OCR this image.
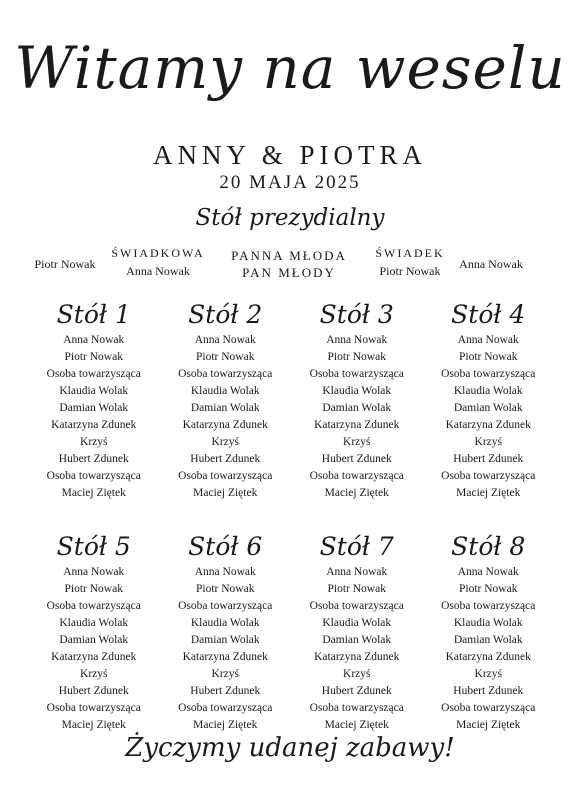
Witamy na weselu
ANNY & PIOTRA
20 MAJA 2025
Stół prezydialny
Piotr Nowak
ŚWIADKOWA
Anna Nowak
PANNA MŁODA
PAN MŁODY
ŚWIADEK
Piotr Nowak	Anna Nowak
Stół 1
Anna Nowak
Piotr Nowak
Osoba towarzysząca
Klaudia Wolak
Damian Wolak
Katarzyna Zdunek
Krzyś
Hubert Zdunek
Osoba towarzysząca
Maciej Ziętek
Stół 2
Anna Nowak
Piotr Nowak
Osoba towarzysząca
Klaudia Wolak
Damian Wolak
Katarzyna Zdunek
Krzyś
Hubert Zdunek
Osoba towarzysząca
Maciej Ziętek
Stół 3
Anna Nowak
Piotr Nowak
Osoba towarzysząca
Klaudia Wolak
Damian Wolak
Katarzyna Zdunek
Krzyś
Hubert Zdunek
Osoba towarzysząca
Maciej Ziętek
Stół 4
Anna Nowak
Piotr Nowak
Osoba towarzysząca
Klaudia Wolak
Damian Wolak
Katarzyna Zdunek
Krzyś
Hubert Zdunek
Osoba towarzysząca
Maciej Ziętek
Stół 5
Anna Nowak
Piotr Nowak
Osoba towarzysząca
Klaudia Wolak
Damian Wolak
Katarzyna Zdunek
Krzyś
Hubert Zdunek
Osoba towarzysząca
Maciej Ziętek
Stół 6
Anna Nowak
Piotr Nowak
Osoba towarzysząca
Klaudia Wolak
Damian Wolak
Katarzyna Zdunek
Krzyś
Hubert Zdunek
Osoba towarzysząca
Maciej Ziętek
Stół 7
Anna Nowak
Piotr Nowak
Osoba towarzysząca
Klaudia Wolak
Damian Wolak
Katarzyna Zdunek
Krzyś
Hubert Zdunek
Osoba towarzysząca
Maciej Ziętek
Stół 8
Anna Nowak
Piotr Nowak
Osoba towarzysząca
Klaudia Wolak
Damian Wolak
Katarzyna Zdunek
Krzyś
Hubert Zdunek
Osoba towarzysząca
Maciej Ziętek
Życzymy udanej zabawy!
